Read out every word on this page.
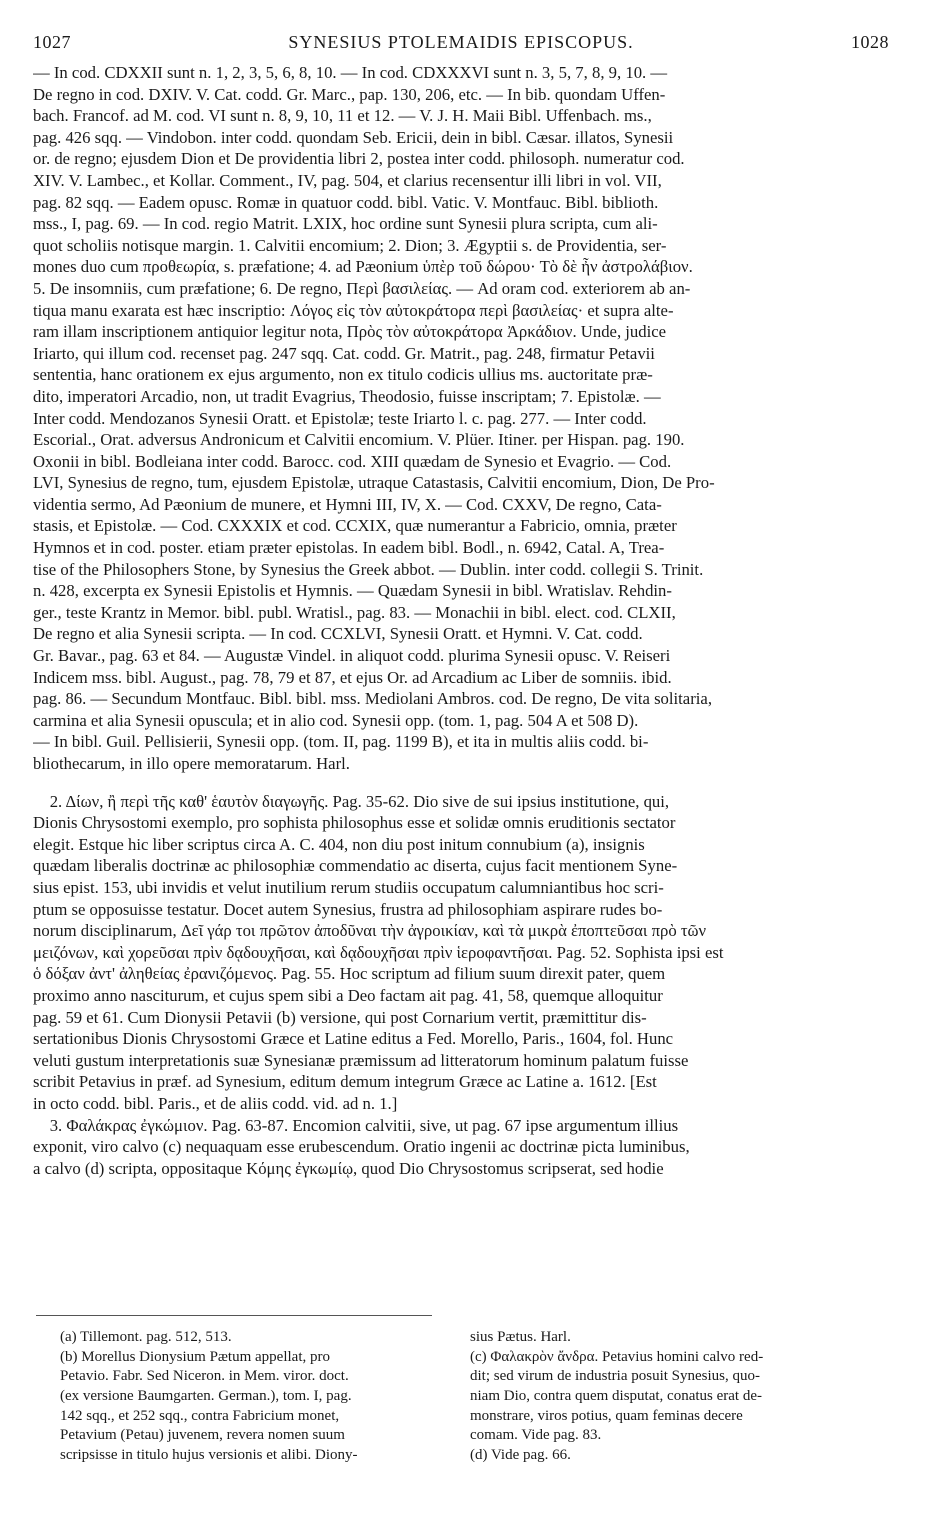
1027	SYNESIUS PTOLEMAIDIS EPISCOPUS.	1028
— In cod. CDXXII sunt n. 1, 2, 3, 5, 6, 8, 10. — In cod. CDXXXVI sunt n. 3, 5, 7, 8, 9, 10. —
De regno in cod. DXIV. V. Cat. codd. Gr. Marc., pap. 130, 206, etc. — In bib. quondam Uffen-
bach. Francof. ad M. cod. VI sunt n. 8, 9, 10, 11 et 12. — V. J. H. Maii Bibl. Uffenbach. ms.,
pag. 426 sqq. — Vindobon. inter codd. quondam Seb. Ericii, dein in bibl. Cæsar. illatos, Synesii
or. de regno; ejusdem Dion et De providentia libri 2, postea inter codd. philosoph. numeratur cod.
XIV. V. Lambec., et Kollar. Comment., IV, pag. 504, et clarius recensentur illi libri in vol. VII,
pag. 82 sqq. — Eadem opusc. Romæ in quatuor codd. bibl. Vatic. V. Montfauc. Bibl. biblioth.
mss., I, pag. 69. — In cod. regio Matrit. LXIX, hoc ordine sunt Synesii plura scripta, cum ali-
quot scholiis notisque margin. 1. Calvitii encomium; 2. Dion; 3. Ægyptii s. de Providentia, ser-
mones duo cum προθεωρία, s. præfatione; 4. ad Pæonium ὑπὲρ τοῦ δώρου· Τὸ δὲ ἦν ἀστρολάβιον.
5. De insomniis, cum præfatione; 6. De regno, Περὶ βασιλείας. — Ad oram cod. exteriorem ab an-
tiqua manu exarata est hæc inscriptio: Λόγος εἰς τὸν αὐτοκράτορα περὶ βασιλείας· et supra alte-
ram illam inscriptionem antiquior legitur nota, Πρὸς τὸν αὐτοκράτορα Ἀρκάδιον. Unde, judice
Iriarto, qui illum cod. recenset pag. 247 sqq. Cat. codd. Gr. Matrit., pag. 248, firmatur Petavii
sententia, hanc orationem ex ejus argumento, non ex titulo codicis ullius ms. auctoritate præ-
dito, imperatori Arcadio, non, ut tradit Evagrius, Theodosio, fuisse inscriptam; 7. Epistolæ. —
Inter codd. Mendozanos Synesii Oratt. et Epistolæ; teste Iriarto l. c. pag. 277. — Inter codd.
Escorial., Orat. adversus Andronicum et Calvitii encomium. V. Plüer. Itiner. per Hispan. pag. 190.
Oxonii in bibl. Bodleiana inter codd. Barocc. cod. XIII quædam de Synesio et Evagrio. — Cod.
LVI, Synesius de regno, tum, ejusdem Epistolæ, utraque Catastasis, Calvitii encomium, Dion, De Pro-
videntia sermo, Ad Pæonium de munere, et Hymni III, IV, X. — Cod. CXXV, De regno, Cata-
stasis, et Epistolæ. — Cod. CXXXIX et cod. CCXIX, quæ numerantur a Fabricio, omnia, præter
Hymnos et in cod. poster. etiam præter epistolas. In eadem bibl. Bodl., n. 6942, Catal. A, Trea-
tise of the Philosophers Stone, by Synesius the Greek abbot. — Dublin. inter codd. collegii S. Trinit.
n. 428, excerpta ex Synesii Epistolis et Hymnis. — Quædam Synesii in bibl. Wratislav. Rehdin-
ger., teste Krantz in Memor. bibl. publ. Wratisl., pag. 83. — Monachii in bibl. elect. cod. CLXII,
De regno et alia Synesii scripta. — In cod. CCXLVI, Synesii Oratt. et Hymni. V. Cat. codd.
Gr. Bavar., pag. 63 et 84. — Augustæ Vindel. in aliquot codd. plurima Synesii opusc. V. Reiseri
Indicem mss. bibl. August., pag. 78, 79 et 87, et ejus Or. ad Arcadium ac Liber de somniis. ibid.
pag. 86. — Secundum Montfauc. Bibl. bibl. mss. Mediolani Ambros. cod. De regno, De vita solitaria,
carmina et alia Synesii opuscula; et in alio cod. Synesii opp. (tom. 1, pag. 504 A et 508 D).
— In bibl. Guil. Pellisierii, Synesii opp. (tom. II, pag. 1199 B), et ita in multis aliis codd. bi-
bliothecarum, in illo opere memoratarum. Harl.
2. Δίων, ἢ περὶ τῆς καθ' ἑαυτὸν διαγωγῆς. Pag. 35-62. Dio sive de sui ipsius institutione, qui,
Dionis Chrysostomi exemplo, pro sophista philosophus esse et solidæ omnis eruditionis sectator
elegit. Estque hic liber scriptus circa A. C. 404, non diu post initum connubium (a), insignis
quædam liberalis doctrinæ ac philosophiæ commendatio ac diserta, cujus facit mentionem Syne-
sius epist. 153, ubi invidis et velut inutilium rerum studiis occupatum calumniantibus hoc scri-
ptum se opposuisse testatur. Docet autem Synesius, frustra ad philosophiam aspirare rudes bo-
norum disciplinarum, Δεῖ γάρ τοι πρῶτον ἀποδῦναι τὴν ἀγροικίαν, καὶ τὰ μικρὰ ἐποπτεῦσαι πρὸ τῶν
μειζόνων, καὶ χορεῦσαι πρὶν δᾳδουχῆσαι, καὶ δᾳδουχῆσαι πρὶν ἱεροφαντῆσαι. Pag. 52. Sophista ipsi est
ὁ δόξαν ἀντ' ἀληθείας ἐρανιζόμενος. Pag. 55. Hoc scriptum ad filium suum direxit pater, quem
proximo anno nasciturum, et cujus spem sibi a Deo factam ait pag. 41, 58, quemque alloquitur
pag. 59 et 61. Cum Dionysii Petavii (b) versione, qui post Cornarium vertit, præmittitur dis-
sertationibus Dionis Chrysostomi Græce et Latine editus a Fed. Morello, Paris., 1604, fol. Hunc
veluti gustum interpretationis suæ Synesianæ præmissum ad litteratorum hominum palatum fuisse
scribit Petavius in præf. ad Synesium, editum demum integrum Græce ac Latine a. 1612. [Est
in octo codd. bibl. Paris., et de aliis codd. vid. ad n. 1.]
3. Φαλάκρας ἐγκώμιον. Pag. 63-87. Encomion calvitii, sive, ut pag. 67 ipse argumentum illius
exponit, viro calvo (c) nequaquam esse erubescendum. Oratio ingenii ac doctrinæ picta luminibus,
a calvo (d) scripta, oppositaque Κόμης ἐγκωμίῳ, quod Dio Chrysostomus scripserat, sed hodie
(a) Tillemont. pag. 512, 513.
(b) Morellus Dionysium Pætum appellat, pro
Petavio. Fabr. Sed Niceron. in Mem. viror. doct.
(ex versione Baumgarten. German.), tom. I, pag.
142 sqq., et 252 sqq., contra Fabricium monet,
Petavium (Petau) juvenem, revera nomen suum
scripsisse in titulo hujus versionis et alibi. Diony-
sius Pætus. Harl.
(c) Φαλακρὸν ἄνδρα. Petavius homini calvo red-
dit; sed virum de industria posuit Synesius, quo-
niam Dio, contra quem disputat, conatus erat de-
monstrare, viros potius, quam feminas decere
comam. Vide pag. 83.
(d) Vide pag. 66.
